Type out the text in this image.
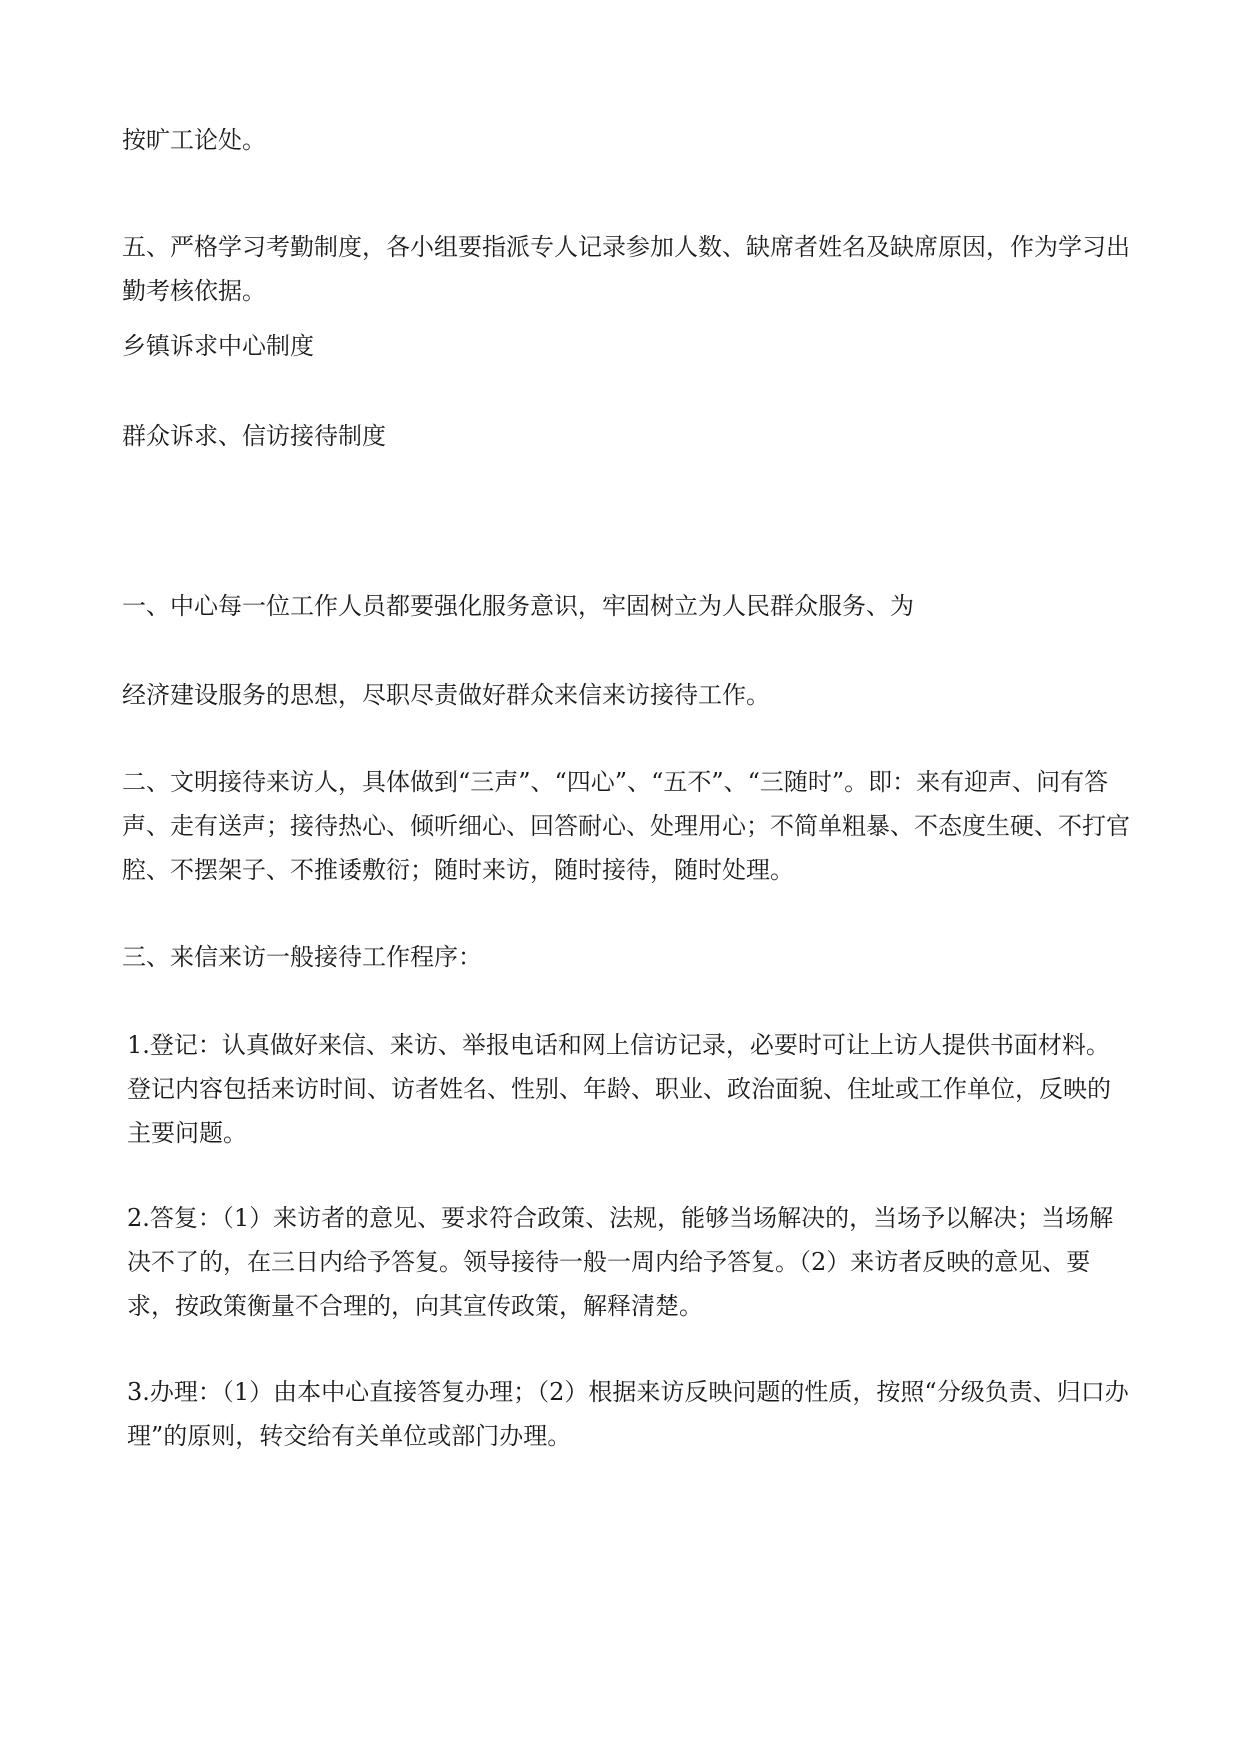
按旷工论处。

五、严格学习考勤制度，各小组要指派专人记录参加人数、缺席者姓名及缺席原因，作为学习出勤考核依据。

乡镇诉求中心制度

群众诉求、信访接待制度

一、中心每一位工作人员都要强化服务意识，牢固树立为人民群众服务、为

经济建设服务的思想，尽职尽责做好群众来信来访接待工作。

二、文明接待来访人，具体做到“三声”、“四心”、“五不”、“三随时”。即：来有迎声、问有答声、走有送声；接待热心、倾听细心、回答耐心、处理用心；不简单粗暴、不态度生硬、不打官腔、不摆架子、不推诿敷衍；随时来访，随时接待，随时处理。

三、来信来访一般接待工作程序：

1.登记：认真做好来信、来访、举报电话和网上信访记录，必要时可让上访人提供书面材料。登记内容包括来访时间、访者姓名、性别、年龄、职业、政治面貌、住址或工作单位，反映的主要问题。

2.答复：（1）来访者的意见、要求符合政策、法规，能够当场解决的，当场予以解决；当场解决不了的，在三日内给予答复。领导接待一般一周内给予答复。（2）来访者反映的意见、要求，按政策衡量不合理的，向其宣传政策，解释清楚。

3.办理：（1）由本中心直接答复办理；（2）根据来访反映问题的性质，按照“分级负责、归口办理”的原则，转交给有关单位或部门办理。
